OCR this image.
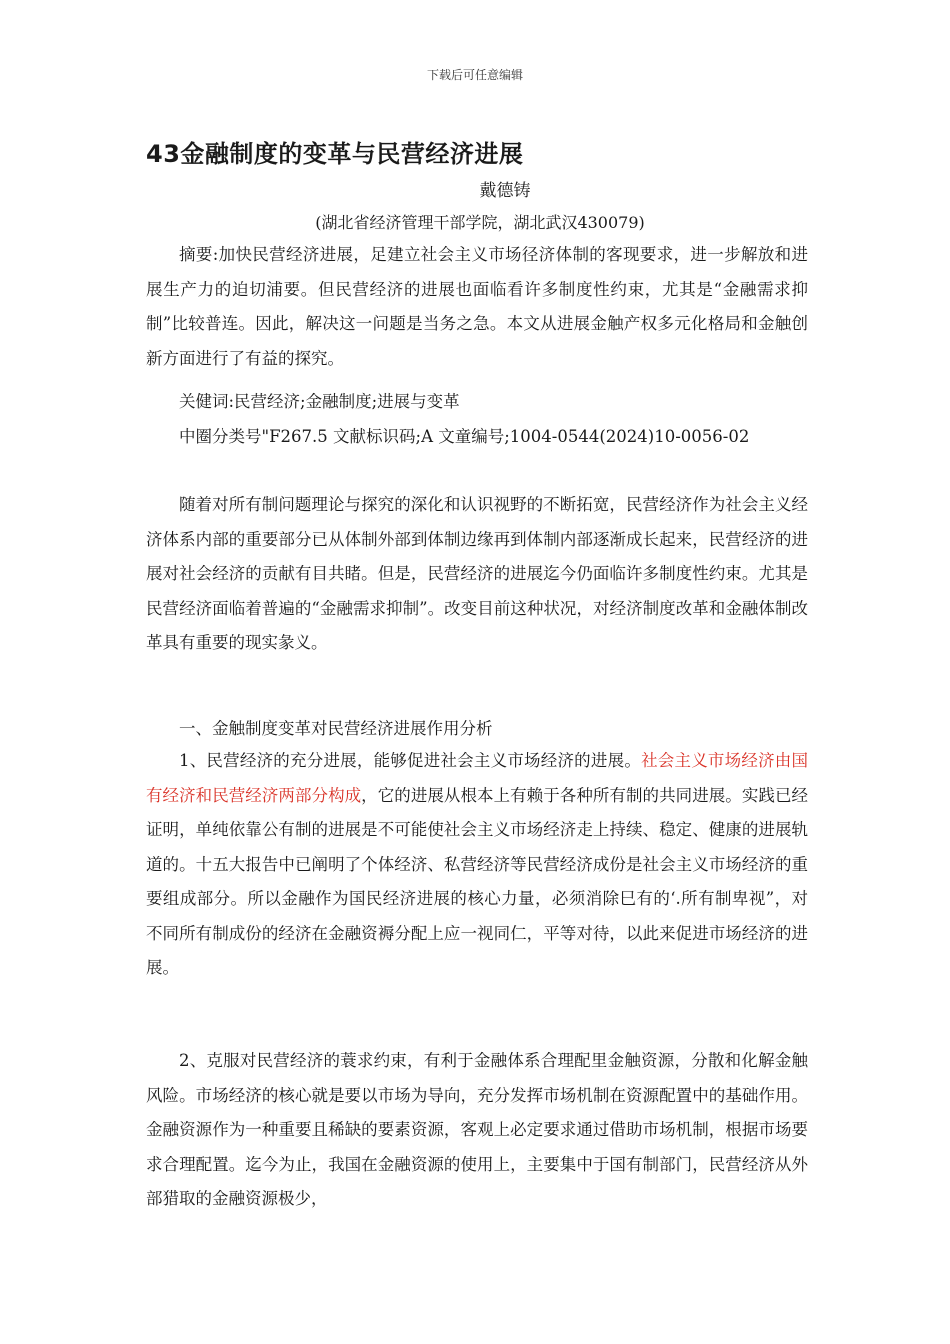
下载后可任意编辑
43金融制度的变革与民营经济进展
戴德铸
(湖北省经济管理干部学院，湖北武汉430079)

摘要:加快民营经济进展，足建立社会主义市场径济体制的客现要求，进一步解放和进展生产力的迫切浦要。但民营经济的进展也面临看许多制度性约束，尤其是“金融需求抑制”比较普连。因此，解决这一问题是当务之急。本文从进展金触产权多元化格局和金触创新方面进行了有益的探究。

关健词:民营经济;金融制度;进展与变革

中圈分类号"F267.5 文献标识码;A 文童编号;1004-0544(2024)10-0056-02

随着对所有制问题理论与探究的深化和认识视野的不断拓宽，民营经济作为社会主义经济体系内部的重要部分已从体制外部到体制边缘再到体制内部逐渐成长起来，民营经济的进展对社会经济的贡献有目共睹。但是，民营经济的进展迄今仍面临许多制度性约束。尤其是民营经济面临着普遍的“金融需求抑制”。改变目前这种状况，对经济制度改革和金融体制改革具有重要的现实彖义。

一、金触制度变革对民营经济进展作用分析

1、民营经济的充分进展，能够促进社会主义市场经济的进展。社会主义市场经济由国有经济和民营经济两部分构成，它的进展从根本上有赖于各种所有制的共同进展。实践已经证明，单纯依靠公有制的进展是不可能使社会主义市场经济走上持续、稳定、健康的进展轨道的。十五大报告中已阐明了个体经济、私营经济等民营经济成份是社会主义市场经济的重要组成部分。所以金融作为国民经济进展的核心力量，必须消除巳有的‘.所有制卑视”，对不同所有制成份的经济在金融资褥分配上应一视同仁，平等对待，以此来促进市场经济的进展。

2、克服对民营经济的蓑求约束，有利于金融体系合理配里金触资源，分散和化解金触风险。市场经济的核心就是要以市场为导向，充分发挥市场机制在资源配置中的基础作用。金融资源作为一种重要且稀缺的要素资源，客观上必定要求通过借助市场机制，根据市场要求合理配置。迄今为止，我国在金融资源的使用上，主要集中于国有制部门，民营经济从外部猎取的金融资源极少，
